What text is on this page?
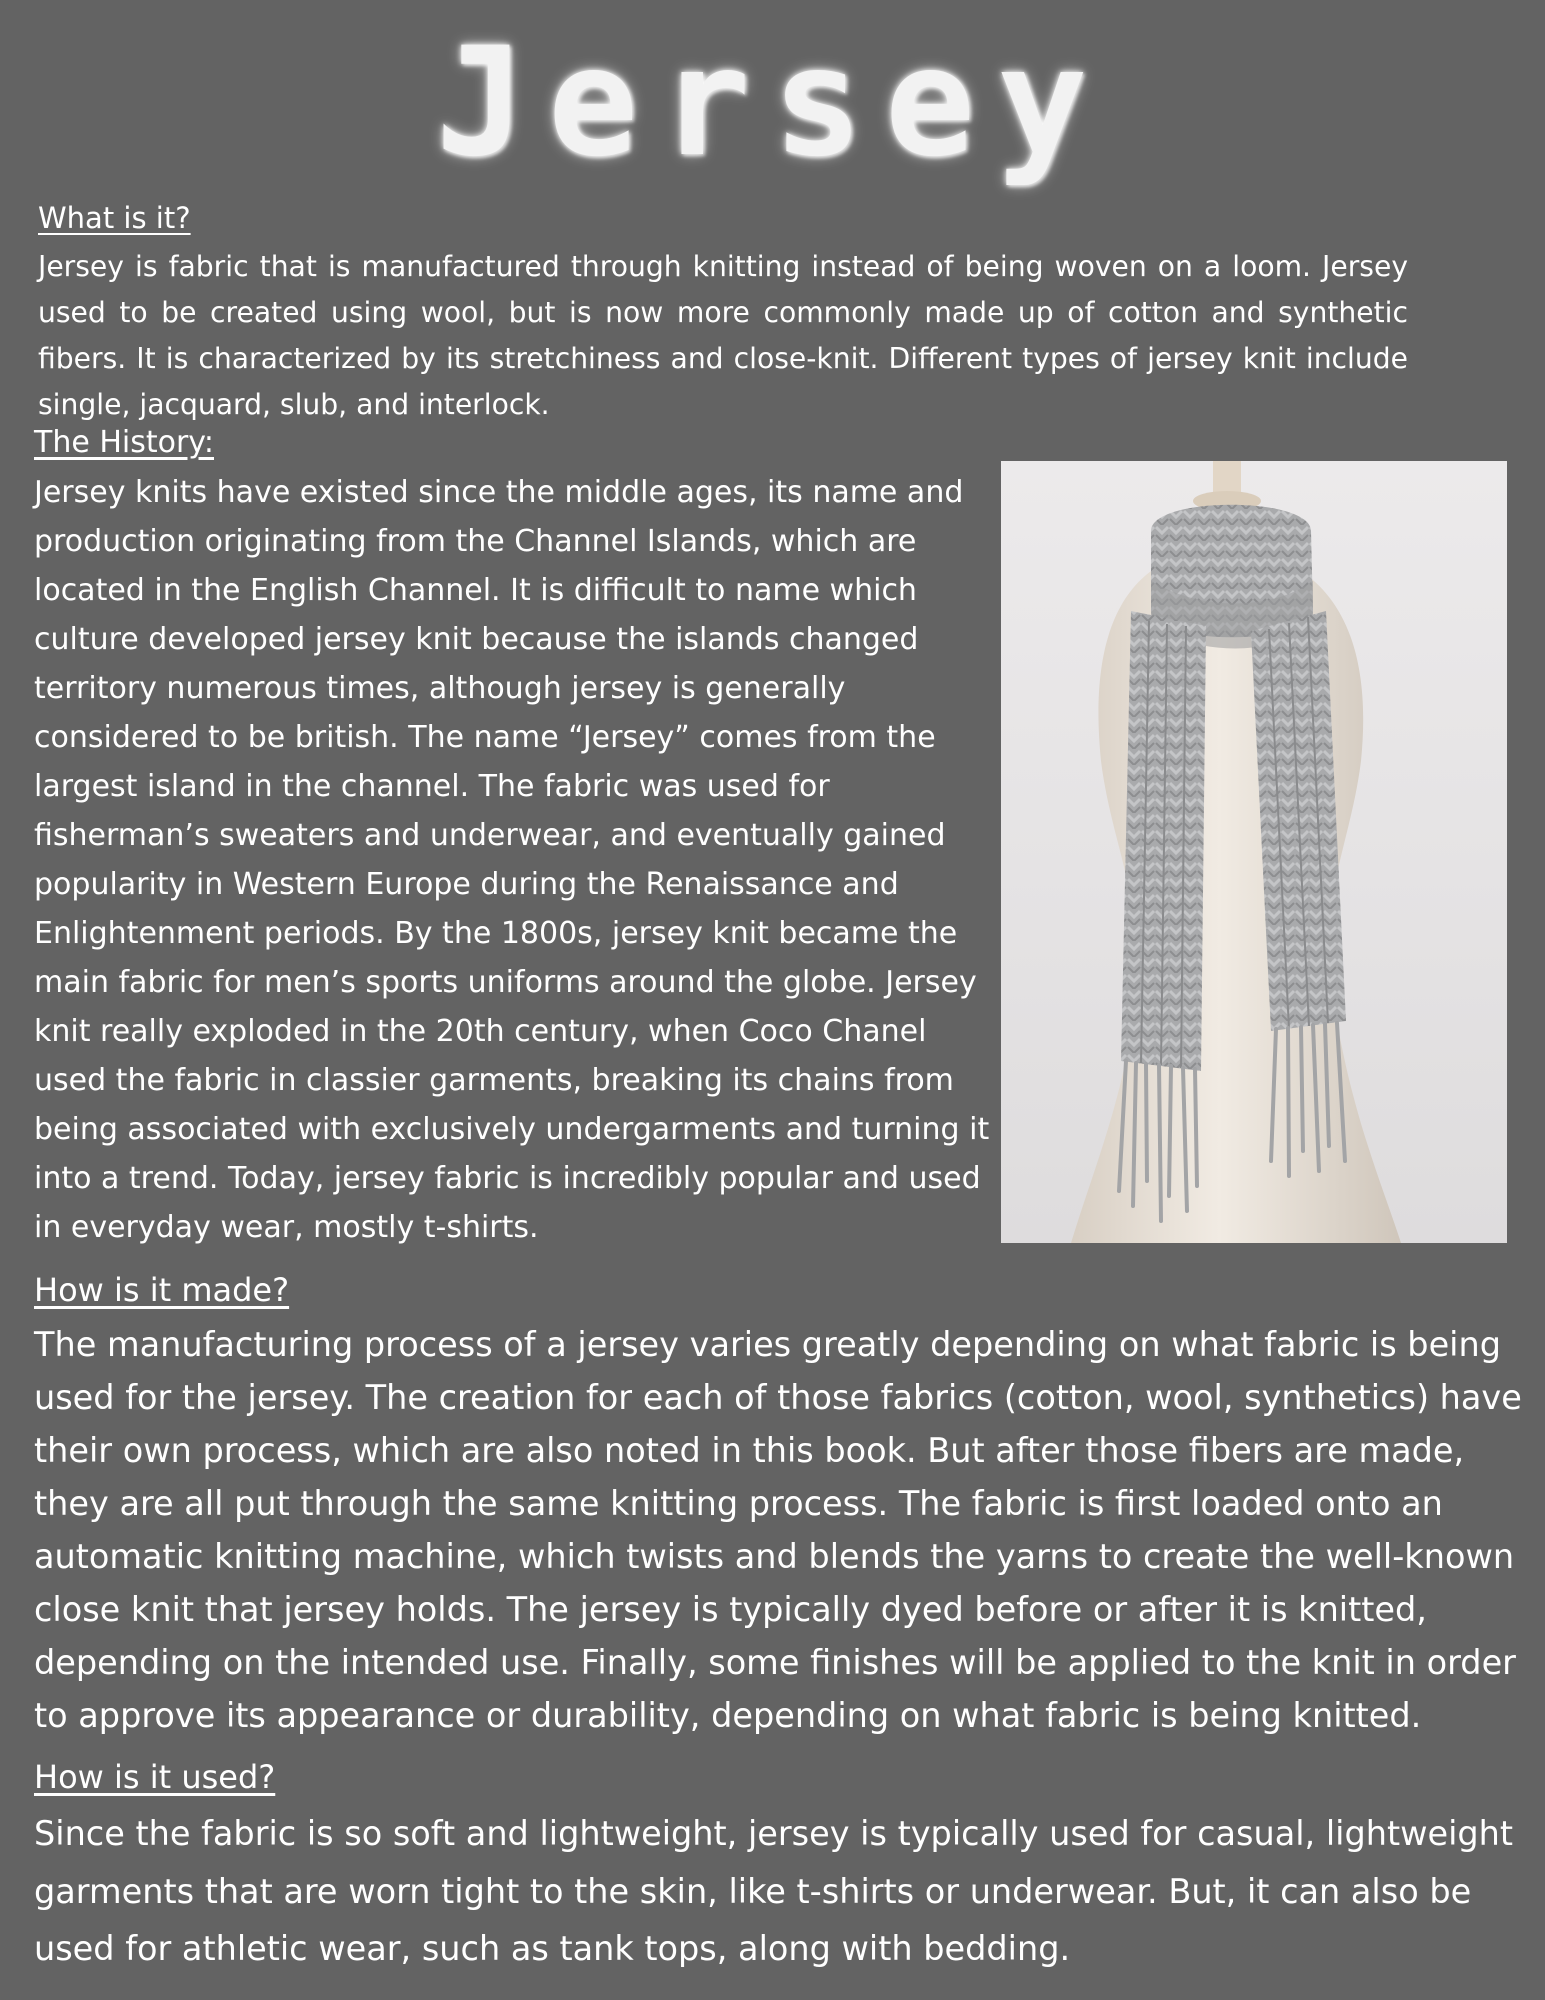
Jersey
What is it?

Jersey is fabric that is manufactured through knitting instead of being woven on a loom. Jersey used to be created using wool, but is now more commonly made up of cotton and synthetic fibers. It is characterized by its stretchiness and close-knit. Different types of jersey knit include single, jacquard, slub, and interlock.

The History:

Jersey knits have existed since the middle ages, its name and production originating from the Channel Islands, which are located in the English Channel. It is difficult to name which culture developed jersey knit because the islands changed territory numerous times, although jersey is generally considered to be british. The name “Jersey” comes from the largest island in the channel. The fabric was used for fisherman’s sweaters and underwear, and eventually gained popularity in Western Europe during the Renaissance and Enlightenment periods. By the 1800s, jersey knit became the main fabric for men’s sports uniforms around the globe. Jersey knit really exploded in the 20th century, when Coco Chanel used the fabric in classier garments, breaking its chains from being associated with exclusively undergarments and turning it into a trend. Today, jersey fabric is incredibly popular and used in everyday wear, mostly t-shirts.

How is it made?

The manufacturing process of a jersey varies greatly depending on what fabric is being used for the jersey. The creation for each of those fabrics (cotton, wool, synthetics) have their own process, which are also noted in this book. But after those fibers are made, they are all put through the same knitting process. The fabric is first loaded onto an automatic knitting machine, which twists and blends the yarns to create the well-known close knit that jersey holds. The jersey is typically dyed before or after it is knitted, depending on the intended use. Finally, some finishes will be applied to the knit in order to approve its appearance or durability, depending on what fabric is being knitted.

How is it used?

Since the fabric is so soft and lightweight, jersey is typically used for casual, lightweight garments that are worn tight to the skin, like t-shirts or underwear. But, it can also be used for athletic wear, such as tank tops, along with bedding.
